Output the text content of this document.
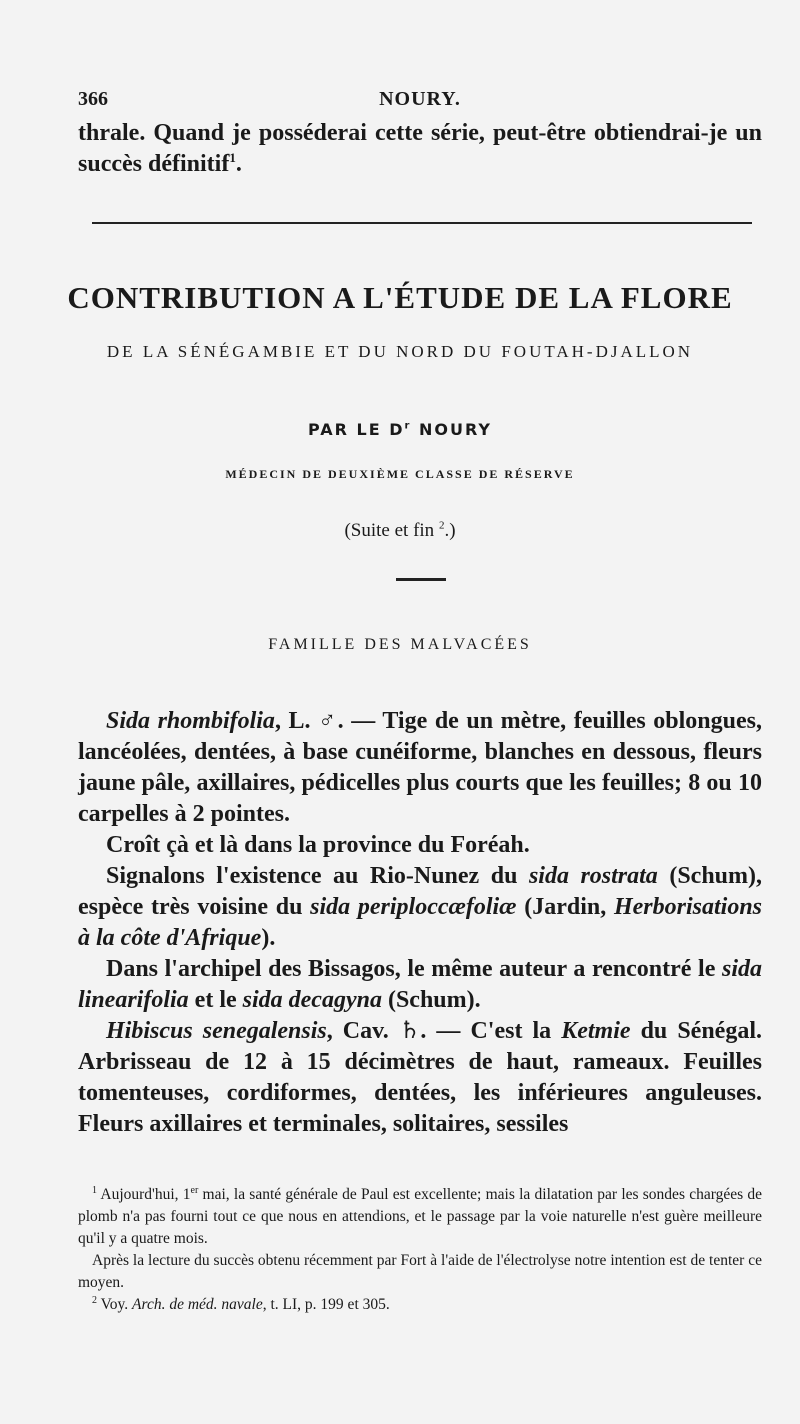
366	NOURY.
thrale. Quand je posséderai cette série, peut-être obtiendrai-je un succès définitif$^1$.
CONTRIBUTION A L'ÉTUDE DE LA FLORE
DE LA SÉNÉGAMBIE ET DU NORD DU FOUTAH-DJALLON
PAR LE $D^r$ NOURY
MÉDECIN DE DEUXIÈME CLASSE DE RÉSERVE
(Suite et fin $^2$.)
FAMILLE DES MALVACÉES

Sida rhombifolia, L. ♂. — Tige de un mètre, feuilles oblongues, lancéolées, dentées, à base cunéiforme, blanches en dessous, fleurs jaune pâle, axillaires, pédicelles plus courts que les feuilles; 8 ou 10 carpelles à 2 pointes.

Croît çà et là dans la province du Foréah.

Signalons l'existence au Rio-Nunez du sida rostrata (Schum), espèce très voisine du sida periploccæfoliæ (Jardin, Herborisations à la côte d'Afrique).

Dans l'archipel des Bissagos, le même auteur a rencontré le sida linearifolia et le sida decagyna (Schum).

Hibiscus senegalensis, Cav. ♄. — C'est la Ketmie du Sénégal. Arbrisseau de 12 à 15 décimètres de haut, rameaux. Feuilles tomenteuses, cordiformes, dentées, les inférieures anguleuses. Fleurs axillaires et terminales, solitaires, sessiles

$^1$ Aujourd'hui, 1er mai, la santé générale de Paul est excellente; mais la dilatation par les sondes chargées de plomb n'a pas fourni tout ce que nous en attendions, et le passage par la voie naturelle n'est guère meilleure qu'il y a quatre mois.

Après la lecture du succès obtenu récemment par Fort à l'aide de l'électrolyse notre intention est de tenter ce moyen.

$^2$ Voy. Arch. de méd. navale, t. LI, p. 199 et 305.
